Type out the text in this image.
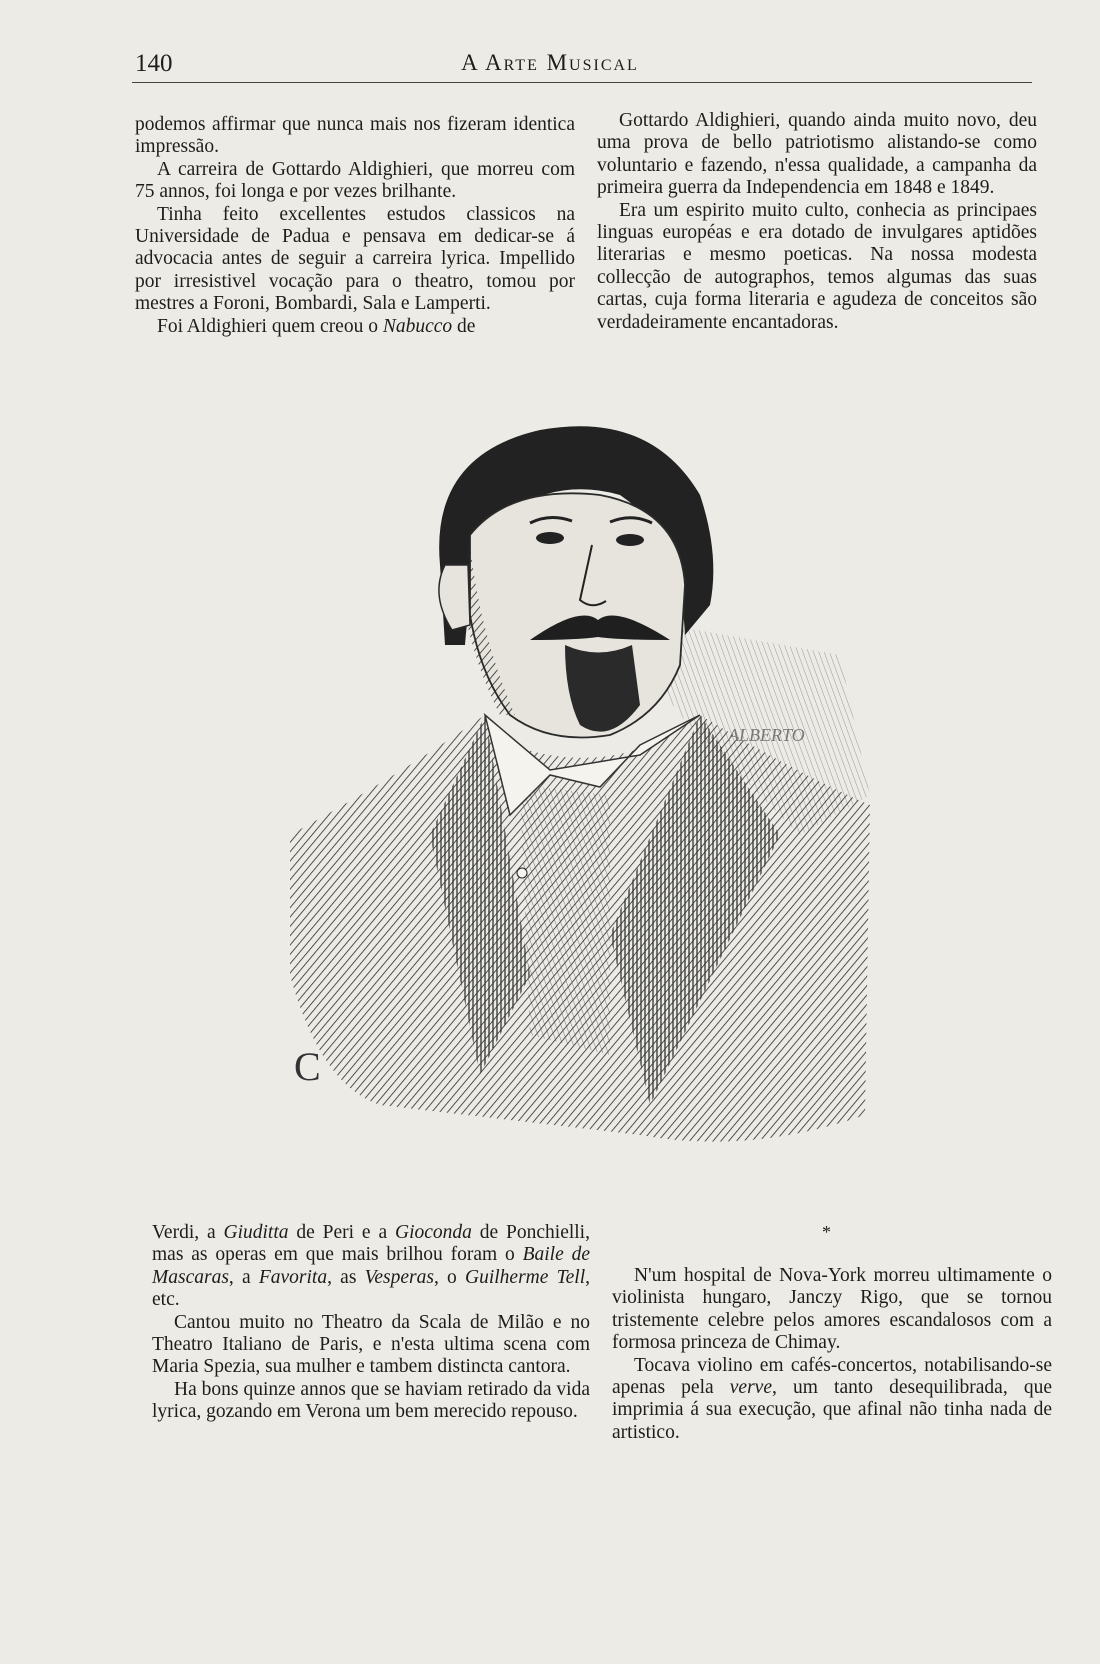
140	A Arte Musical

podemos affirmar que nunca mais nos fizeram identica impressão.

A carreira de Gottardo Aldighieri, que morreu com 75 annos, foi longa e por vezes brilhante.

Tinha feito excellentes estudos classicos na Universidade de Padua e pensava em dedicar-se á advocacia antes de seguir a carreira lyrica. Impellido por irresistivel vocação para o theatro, tomou por mestres a Foroni, Bombardi, Sala e Lamperti.

Foi Aldighieri quem creou o Nabucco de

Gottardo Aldighieri, quando ainda muito novo, deu uma prova de bello patriotismo alistando-se como voluntario e fazendo, n'essa qualidade, a campanha da primeira guerra da Independencia em 1848 e 1849.

Era um espirito muito culto, conhecia as principaes linguas européas e era dotado de invulgares aptidões literarias e mesmo poeticas. Na nossa modesta collecção de autographos, temos algumas das suas cartas, cuja forma literaria e agudeza de conceitos são verdadeiramente encantadoras.

ALBERTO
C

Verdi, a Giuditta de Peri e a Gioconda de Ponchielli, mas as operas em que mais brilhou foram o Baile de Mascaras, a Favorita, as Vesperas, o Guilherme Tell, etc.

Cantou muito no Theatro da Scala de Milão e no Theatro Italiano de Paris, e n'esta ultima scena com Maria Spezia, sua mulher e tambem distincta cantora.

Ha bons quinze annos que se haviam retirado da vida lyrica, gozando em Verona um bem merecido repouso.

*

N'um hospital de Nova-York morreu ultimamente o violinista hungaro, Janczy Rigo, que se tornou tristemente celebre pelos amores escandalosos com a formosa princeza de Chimay.

Tocava violino em cafés-concertos, notabilisando-se apenas pela verve, um tanto desequilibrada, que imprimia á sua execução, que afinal não tinha nada de artistico.
